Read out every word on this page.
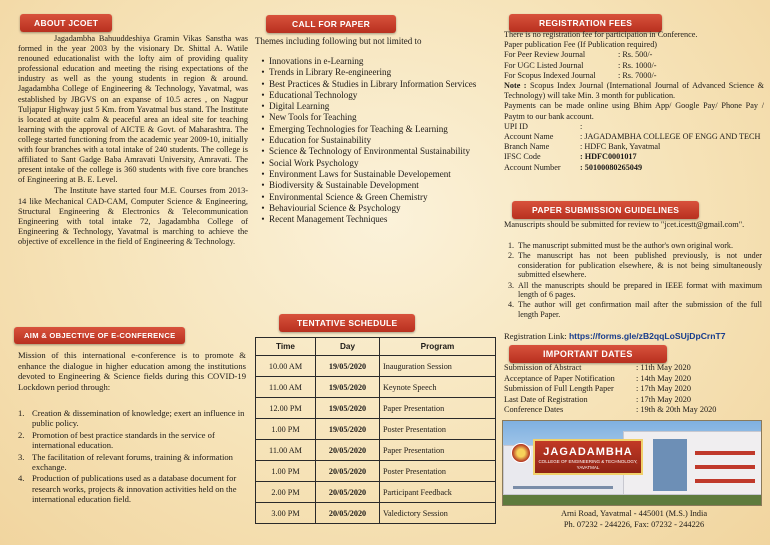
ABOUT JCOET

Jagadambha Bahuuddeshiya Gramin Vikas Sanstha was formed in the year 2003 by the visionary Dr. Shittal A. Watile renouned educationalist with the lofty aim of providing quality professional education and meeting the rising expectations of the industry as well as the young students in region & around. Jagadambha College of Engineering & Technology, Yavatmal, was established by JBGVS on an expanse of 10.5 acres , on Nagpur Tuljapur Highway just 5 Km. from Yavatmal bus stand. The Institute is located at quite calm & peaceful area an ideal site for teaching learning with the approval of AICTE & Govt. of Maharashtra. The college started functioning from the academic year 2009-10, initially with four branches with a total intake of 240 students. The college is affiliated to Sant Gadge Baba Amravati University, Amravati. The present intake of the college is 360 students with five core branches of Engineering at B. E. Level.

The Institute have started four M.E. Courses from 2013-14 like Mechanical CAD-CAM, Computer Science & Engineering, Structural Engineering & Electronics & Telecommunication Engineering with total intake 72, Jagadambha College of Engineering & Technology, Yavatmal is marching to achieve the objective of excellence in the field of Engineering & Technology.

AIM & OBJECTIVE OF E-CONFERENCE

Mission of this international e-conference is to promote & enhance the dialogue in higher education among the institutions devoted to Engineering & Science fields during this COVID-19 Lockdown period through:

1. Creation & dissemination of knowledge; exert an influence in public policy.
2. Promotion of best practice standards in the service of international education.
3. The facilitation of relevant forums, training & information exchange.
4. Production of publications used as a database document for research works, projects & innovation activities held on the international education field.
CALL FOR PAPER

Themes including following but not limited to

• Innovations in e-Learning
• Trends in Library Re-engineering
• Best Practices & Studies in Library Information Services
• Educational Technology
• Digital Learning
• New Tools for Teaching
• Emerging Technologies for Teaching & Learning
• Education for Sustainability
• Science & Technology of Environmental Sustainability
• Social Work Psychology
• Environment Laws for Sustainable Developement
• Biodiversity & Sustainable Development
• Environmental Science & Green Chemistry
• Behaviourial Science & Psychology
• Recent Management Techniques
TENTATIVE SCHEDULE
Time	Day	Program
10.00 AM	19/05/2020	Inauguration Session
11.00 AM	19/05/2020	Keynote Speech
12.00 PM	19/05/2020	Paper Presentation
1.00 PM	19/05/2020	Poster Presentation
11.00 AM	20/05/2020	Paper Presentation
1.00 PM	20/05/2020	Poster Presentation
2.00 PM	20/05/2020	Participant Feedback
3.00 PM	20/05/2020	Valedictory Session
REGISTRATION FEES

There is no registration fee for participation in Conference.

Paper publication Fee (If Publication required)

For Peer Review Journal	: Rs. 500/-
For UGC Listed Journal	: Rs. 1000/-
For Scopus Indexed Journal	: Rs. 7000/-

Note : Scopus Index Journal (International Journal of Advanced Science & Technology) will take Min. 3 month for publication.

Payments can be made online using Bhim App/ Google Pay/ Phone Pay / Paytm to our bank account.

UPI ID	:
Account Name	: JAGADAMBHA COLLEGE OF ENGG AND TECH
Branch Name	: HDFC Bank, Yavatmal
IFSC Code	: HDFC0001017
Account Number	: 50100080265049
PAPER SUBMISSION GUIDELINES

Manuscripts should be submitted for review to "jcet.icestt@gmail.com".

1. The manuscript submitted must be the author's own original work.
2. The manuscript has not been published previously, is not under consideration for publication elsewhere, & is not being simultaneously submitted elsewhere.
3. All the manuscripts should be prepared in IEEE format with maximum length of 6 pages.
4. The author will get confirmation mail after the submission of the full length Paper.

Registration Link: https://forms.gle/zB2qqLoSUjDpCrnT7

IMPORTANT DATES
Submission of Abstract	: 11th May 2020
Acceptance of Paper Notification	: 14th May 2020
Submission of Full Length Paper	: 17th May 2020
Last Date of Registration	: 17th May 2020
Conference Dates	: 19th & 20th May 2020
JAGADAMBHA
COLLEGE OF ENGINEERING & TECHNOLOGY, YAVATMAL

Arni Road, Yavatmal - 445001 (M.S.) India

Ph. 07232 - 244226, Fax: 07232 - 244226
